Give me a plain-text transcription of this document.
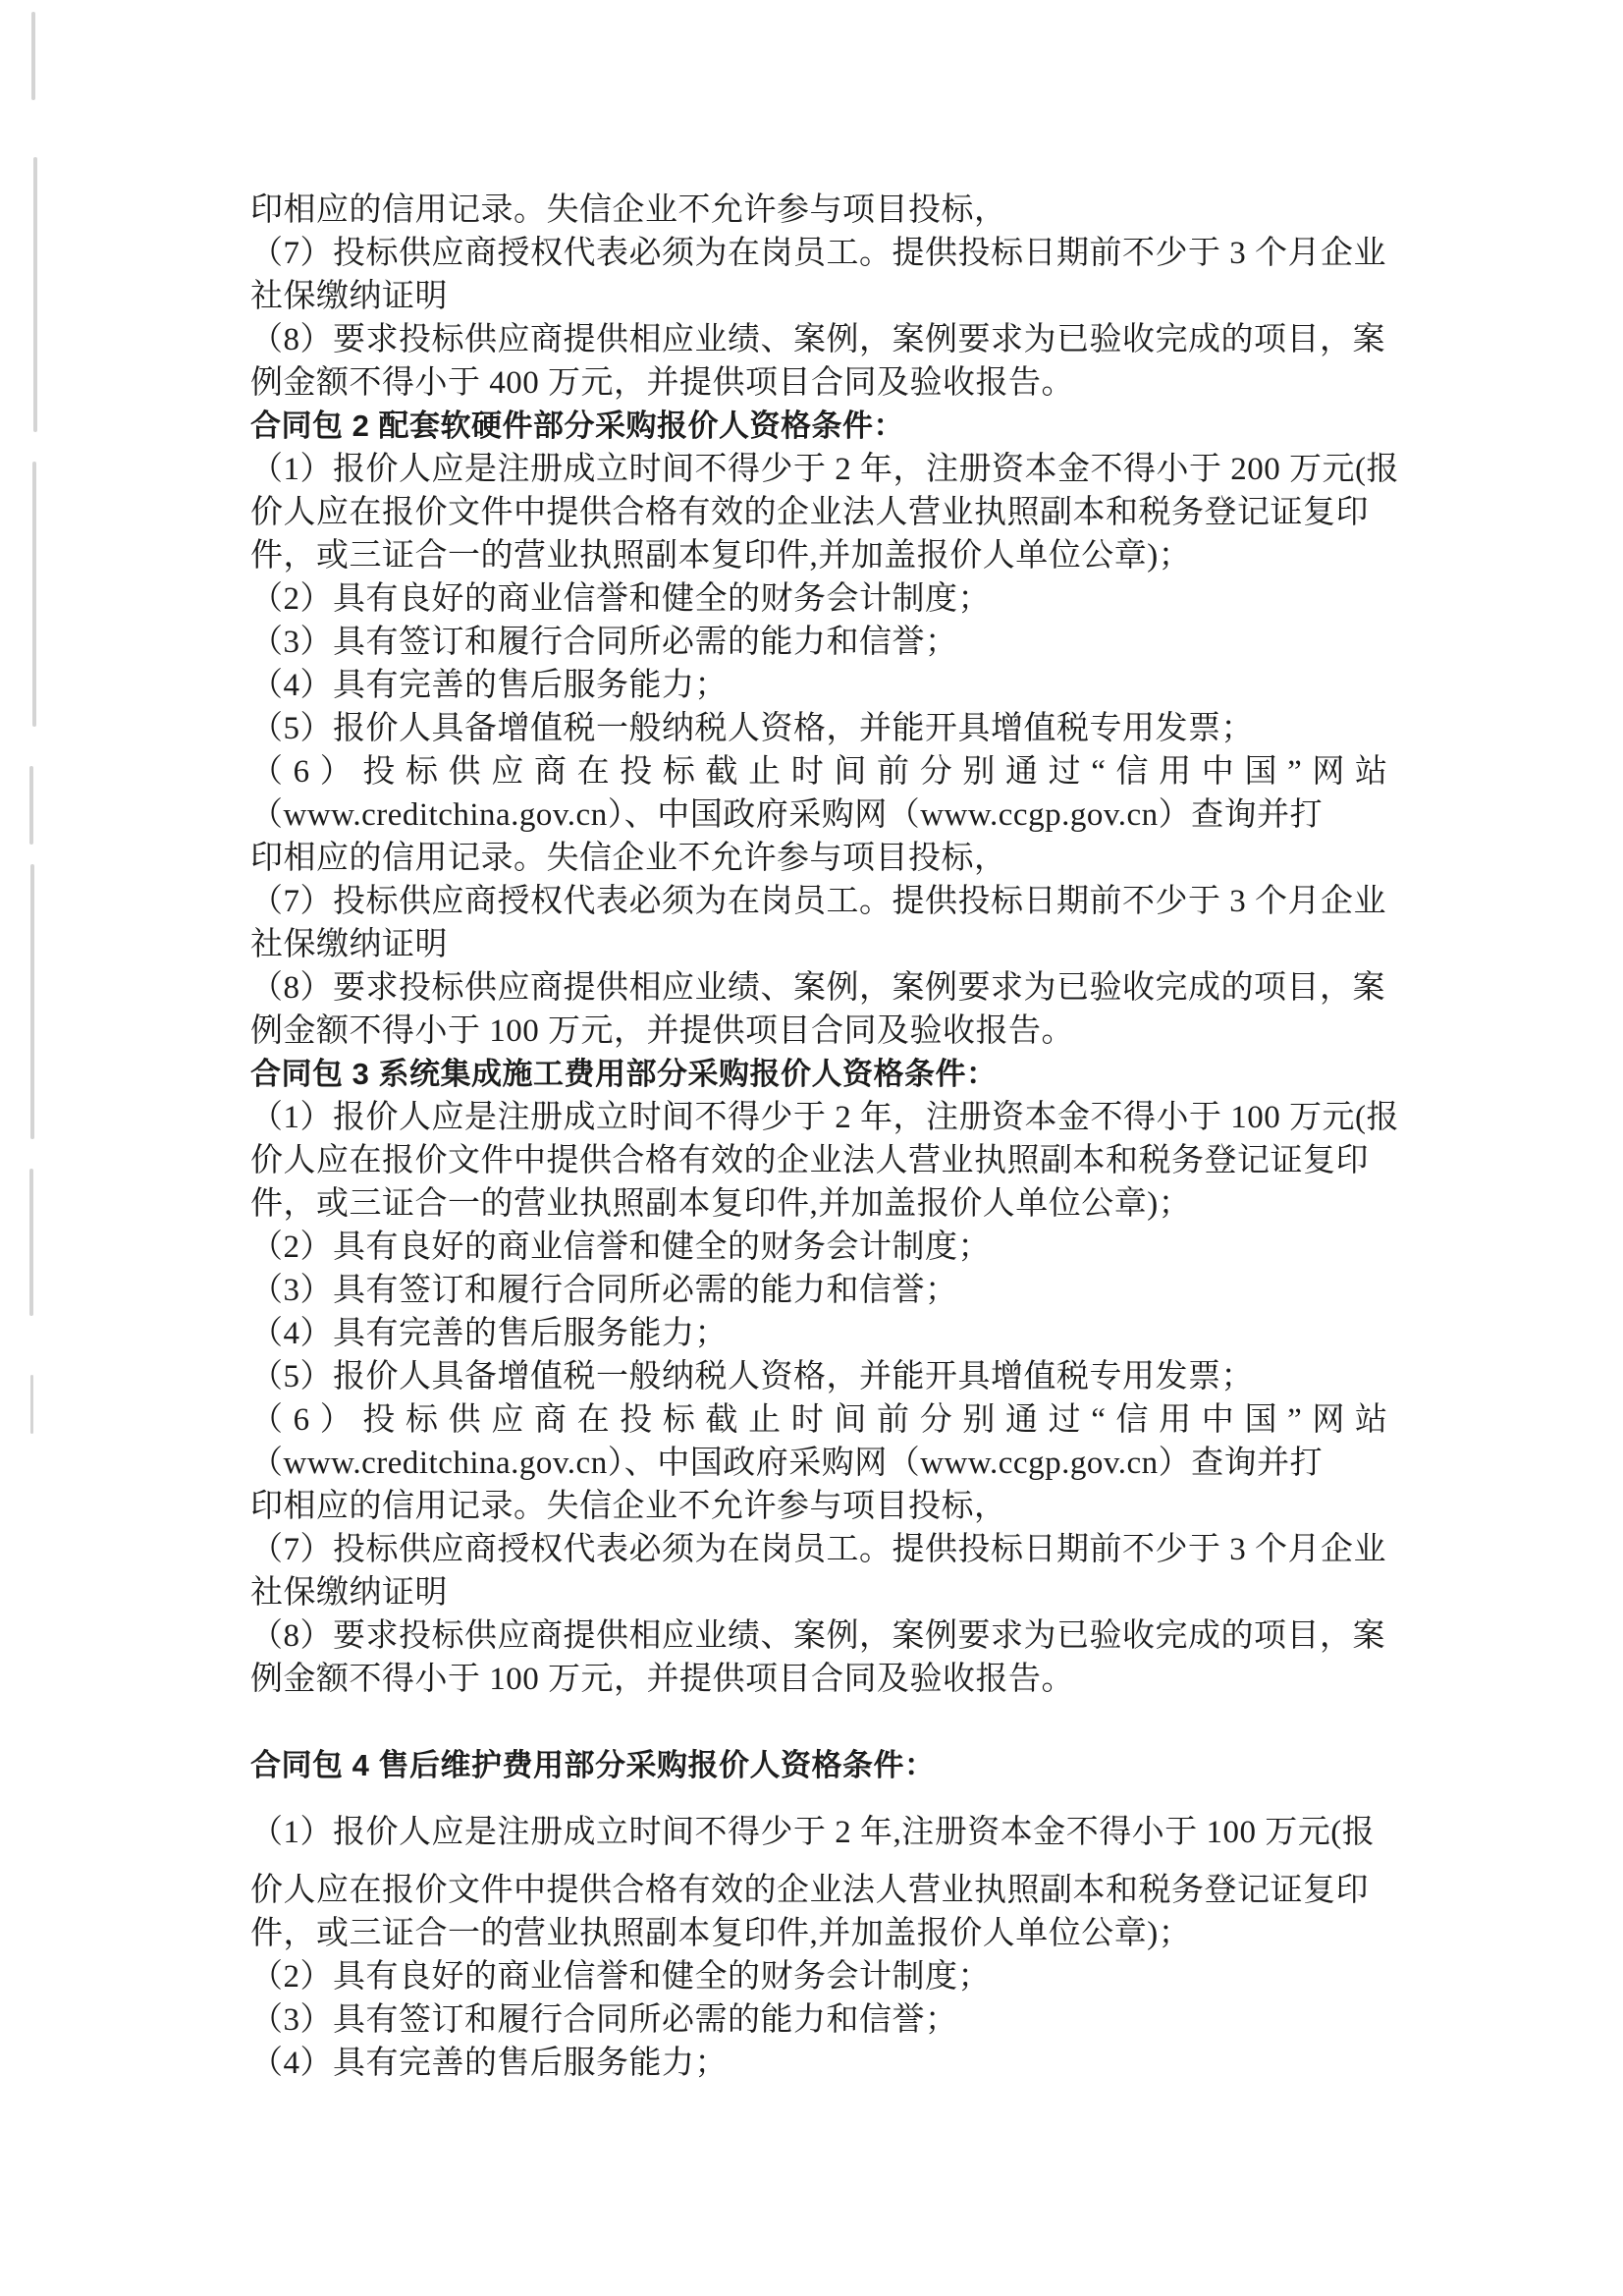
印相应的信用记录。失信企业不允许参与项目投标，
（7）投标供应商授权代表必须为在岗员工。提供投标日期前不少于 3 个月企业
社保缴纳证明
（8）要求投标供应商提供相应业绩、案例，案例要求为已验收完成的项目，案
例金额不得小于 400 万元，并提供项目合同及验收报告。
合同包 2 配套软硬件部分采购报价人资格条件：
（1）报价人应是注册成立时间不得少于 2 年，注册资本金不得小于 200 万元(报
价人应在报价文件中提供合格有效的企业法人营业执照副本和税务登记证复印
件，或三证合一的营业执照副本复印件,并加盖报价人单位公章)；
（2）具有良好的商业信誉和健全的财务会计制度；
（3）具有签订和履行合同所必需的能力和信誉；
（4）具有完善的售后服务能力；
（5）报价人具备增值税一般纳税人资格，并能开具增值税专用发票；
（6）投标供应商在投标截止时间前分别通过“信用中国”网站
（www.creditchina.gov.cn）、中国政府采购网（www.ccgp.gov.cn）查询并打
印相应的信用记录。失信企业不允许参与项目投标，
（7）投标供应商授权代表必须为在岗员工。提供投标日期前不少于 3 个月企业
社保缴纳证明
（8）要求投标供应商提供相应业绩、案例，案例要求为已验收完成的项目，案
例金额不得小于 100 万元，并提供项目合同及验收报告。
合同包 3 系统集成施工费用部分采购报价人资格条件：
（1）报价人应是注册成立时间不得少于 2 年，注册资本金不得小于 100 万元(报
价人应在报价文件中提供合格有效的企业法人营业执照副本和税务登记证复印
件，或三证合一的营业执照副本复印件,并加盖报价人单位公章)；
（2）具有良好的商业信誉和健全的财务会计制度；
（3）具有签订和履行合同所必需的能力和信誉；
（4）具有完善的售后服务能力；
（5）报价人具备增值税一般纳税人资格，并能开具增值税专用发票；
（6）投标供应商在投标截止时间前分别通过“信用中国”网站
（www.creditchina.gov.cn）、中国政府采购网（www.ccgp.gov.cn）查询并打
印相应的信用记录。失信企业不允许参与项目投标，
（7）投标供应商授权代表必须为在岗员工。提供投标日期前不少于 3 个月企业
社保缴纳证明
（8）要求投标供应商提供相应业绩、案例，案例要求为已验收完成的项目，案
例金额不得小于 100 万元，并提供项目合同及验收报告。
合同包 4 售后维护费用部分采购报价人资格条件：
（1）报价人应是注册成立时间不得少于 2 年,注册资本金不得小于 100 万元(报
价人应在报价文件中提供合格有效的企业法人营业执照副本和税务登记证复印
件，或三证合一的营业执照副本复印件,并加盖报价人单位公章)；
（2）具有良好的商业信誉和健全的财务会计制度；
（3）具有签订和履行合同所必需的能力和信誉；
（4）具有完善的售后服务能力；
